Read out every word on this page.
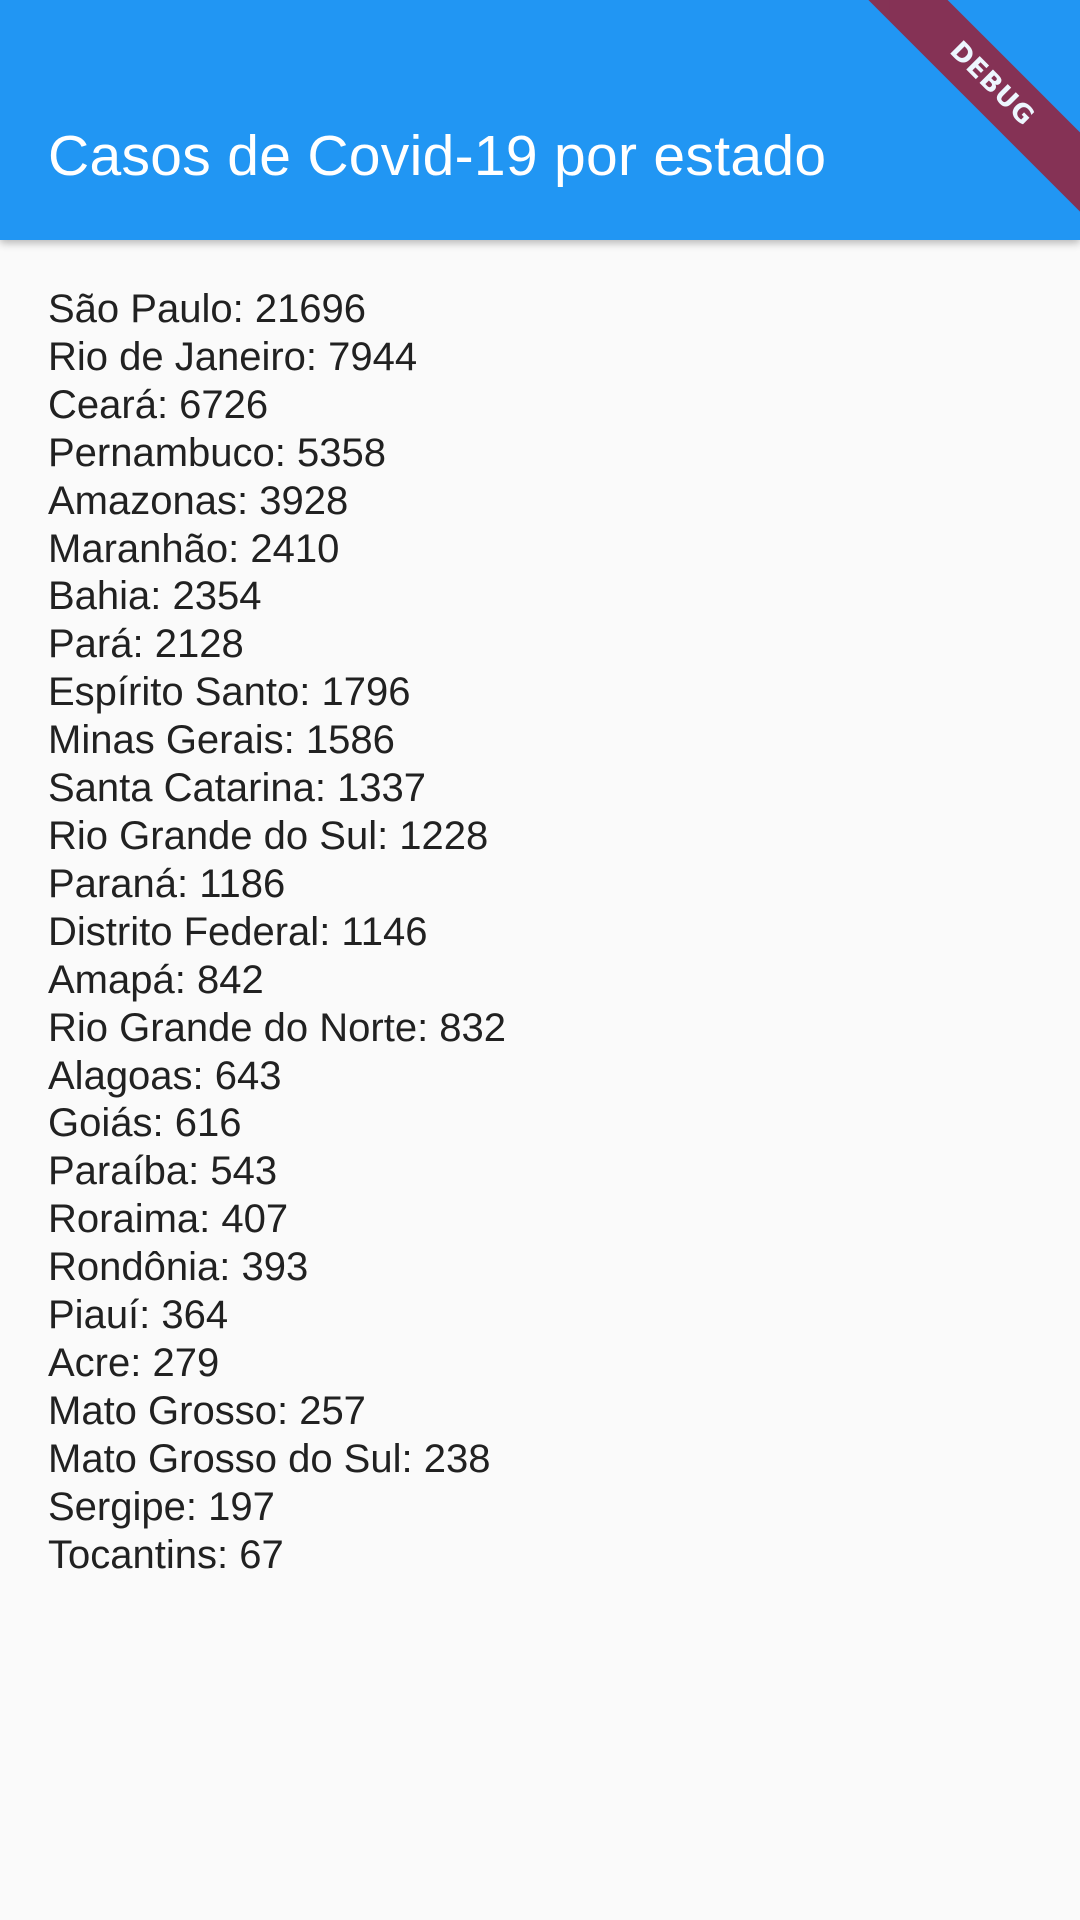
Casos de Covid-19 por estado
São Paulo: 21696
Rio de Janeiro: 7944
Ceará: 6726
Pernambuco: 5358
Amazonas: 3928
Maranhão: 2410
Bahia: 2354
Pará: 2128
Espírito Santo: 1796
Minas Gerais: 1586
Santa Catarina: 1337
Rio Grande do Sul: 1228
Paraná: 1186
Distrito Federal: 1146
Amapá: 842
Rio Grande do Norte: 832
Alagoas: 643
Goiás: 616
Paraíba: 543
Roraima: 407
Rondônia: 393
Piauí: 364
Acre: 279
Mato Grosso: 257
Mato Grosso do Sul: 238
Sergipe: 197
Tocantins: 67
DEBUG
